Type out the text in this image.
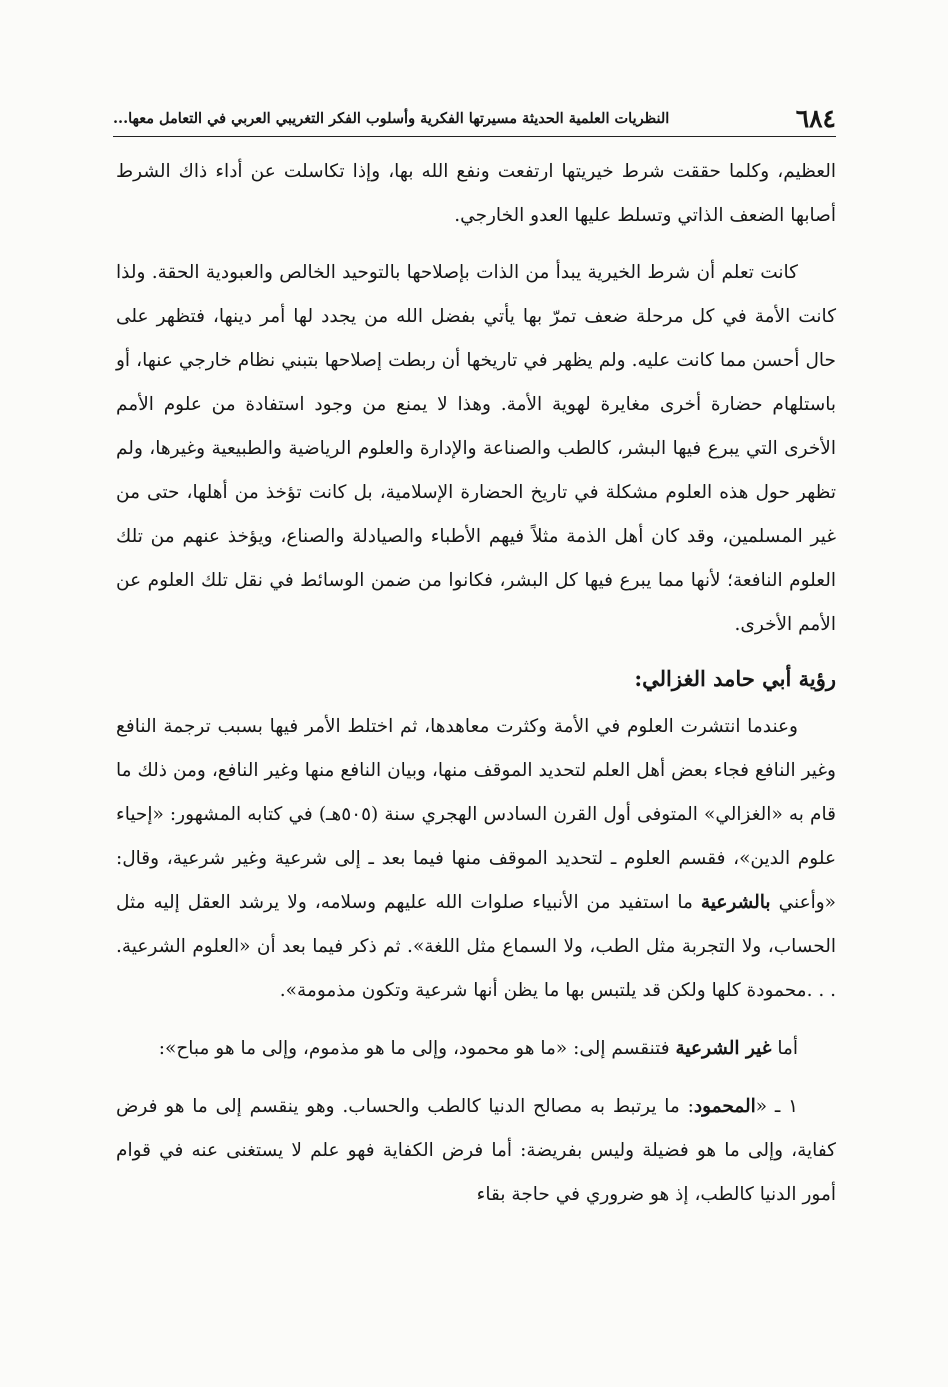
٦٨٤
النظريات العلمية الحديثة مسيرتها الفكرية وأسلوب الفكر التغريبي العربي في التعامل معها...

العظيم، وكلما حققت شرط خيريتها ارتفعت ونفع الله بها، وإذا تكاسلت عن أداء ذاك الشرط أصابها الضعف الذاتي وتسلط عليها العدو الخارجي.

كانت تعلم أن شرط الخيرية يبدأ من الذات بإصلاحها بالتوحيد الخالص والعبودية الحقة. ولذا كانت الأمة في كل مرحلة ضعف تمرّ بها يأتي بفضل الله من يجدد لها أمر دينها، فتظهر على حال أحسن مما كانت عليه. ولم يظهر في تاريخها أن ربطت إصلاحها بتبني نظام خارجي عنها، أو باستلهام حضارة أخرى مغايرة لهوية الأمة. وهذا لا يمنع من وجود استفادة من علوم الأمم الأخرى التي يبرع فيها البشر، كالطب والصناعة والإدارة والعلوم الرياضية والطبيعية وغيرها، ولم تظهر حول هذه العلوم مشكلة في تاريخ الحضارة الإسلامية، بل كانت تؤخذ من أهلها، حتى من غير المسلمين، وقد كان أهل الذمة مثلاً فيهم الأطباء والصيادلة والصناع، ويؤخذ عنهم من تلك العلوم النافعة؛ لأنها مما يبرع فيها كل البشر، فكانوا من ضمن الوسائط في نقل تلك العلوم عن الأمم الأخرى.

رؤية أبي حامد الغزالي:

وعندما انتشرت العلوم في الأمة وكثرت معاهدها، ثم اختلط الأمر فيها بسبب ترجمة النافع وغير النافع فجاء بعض أهل العلم لتحديد الموقف منها، وبيان النافع منها وغير النافع، ومن ذلك ما قام به «الغزالي» المتوفى أول القرن السادس الهجري سنة (٥٠٥هـ) في كتابه المشهور: «إحياء علوم الدين»، فقسم العلوم ـ لتحديد الموقف منها فيما بعد ـ إلى شرعية وغير شرعية، وقال: «وأعني بالشرعية ما استفيد من الأنبياء صلوات الله عليهم وسلامه، ولا يرشد العقل إليه مثل الحساب، ولا التجربة مثل الطب، ولا السماع مثل اللغة». ثم ذكر فيما بعد أن «العلوم الشرعية. . . .محمودة كلها ولكن قد يلتبس بها ما يظن أنها شرعية وتكون مذمومة».

أما غير الشرعية فتنقسم إلى: «ما هو محمود، وإلى ما هو مذموم، وإلى ما هو مباح»:

١ ـ «المحمود: ما يرتبط به مصالح الدنيا كالطب والحساب. وهو ينقسم إلى ما هو فرض كفاية، وإلى ما هو فضيلة وليس بفريضة: أما فرض الكفاية فهو علم لا يستغنى عنه في قوام أمور الدنيا كالطب، إذ هو ضروري في حاجة بقاء
